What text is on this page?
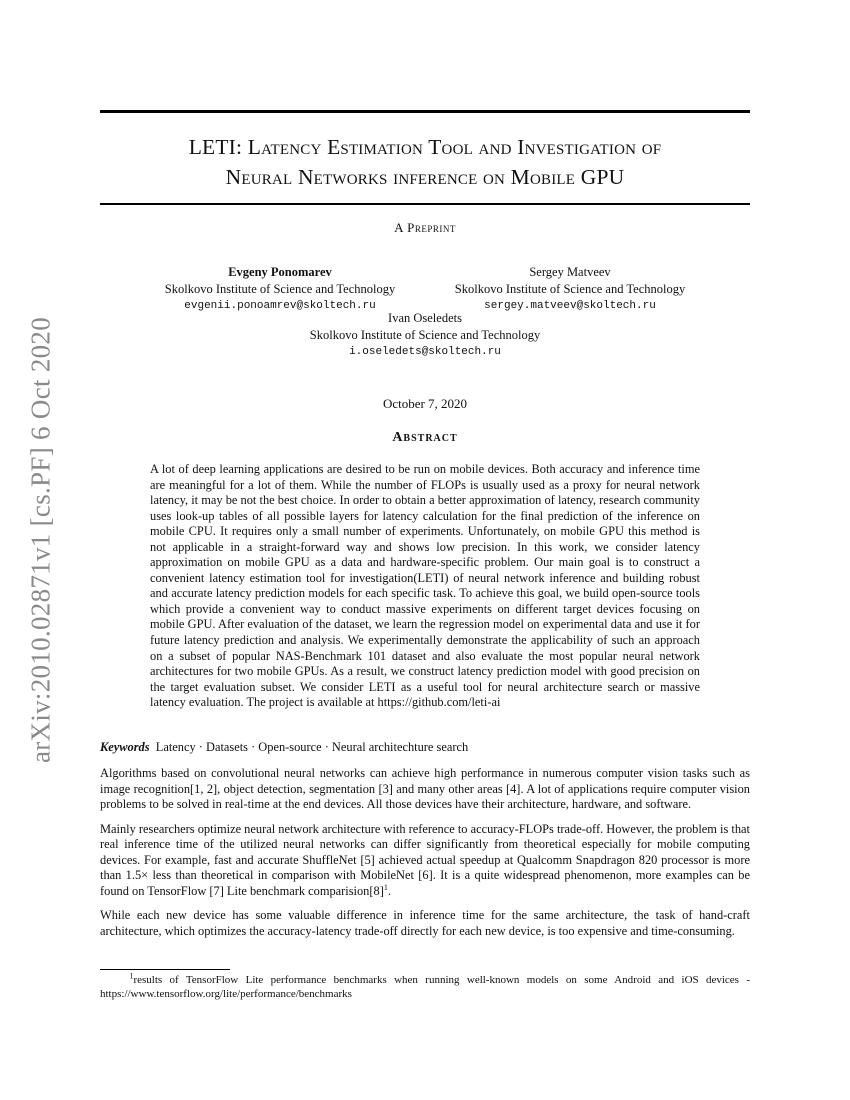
arXiv:2010.02871v1 [cs.PF] 6 Oct 2020
LETI: Latency Estimation Tool and Investigation of
Neural Networks inference on Mobile GPU
A Preprint
Evgeny Ponomarev
Skolkovo Institute of Science and Technology
evgenii.ponoamrev@skoltech.ru
Sergey Matveev
Skolkovo Institute of Science and Technology
sergey.matveev@skoltech.ru
Ivan Oseledets
Skolkovo Institute of Science and Technology
i.oseledets@skoltech.ru
October 7, 2020
Abstract

A lot of deep learning applications are desired to be run on mobile devices. Both accuracy and inference time are meaningful for a lot of them. While the number of FLOPs is usually used as a proxy for neural network latency, it may be not the best choice. In order to obtain a better approximation of latency, research community uses look-up tables of all possible layers for latency calculation for the final prediction of the inference on mobile CPU. It requires only a small number of experiments. Unfortunately, on mobile GPU this method is not applicable in a straight-forward way and shows low precision. In this work, we consider latency approximation on mobile GPU as a data and hardware-specific problem. Our main goal is to construct a convenient latency estimation tool for investigation(LETI) of neural network inference and building robust and accurate latency prediction models for each specific task. To achieve this goal, we build open-source tools which provide a convenient way to conduct massive experiments on different target devices focusing on mobile GPU. After evaluation of the dataset, we learn the regression model on experimental data and use it for future latency prediction and analysis. We experimentally demonstrate the applicability of such an approach on a subset of popular NAS-Benchmark 101 dataset and also evaluate the most popular neural network architectures for two mobile GPUs. As a result, we construct latency prediction model with good precision on the target evaluation subset. We consider LETI as a useful tool for neural architecture search or massive latency evaluation. The project is available at https://github.com/leti-ai

Keywords Latency · Datasets · Open-source · Neural architechture search

Algorithms based on convolutional neural networks can achieve high performance in numerous computer vision tasks such as image recognition[1, 2], object detection, segmentation [3] and many other areas [4]. A lot of applications require computer vision problems to be solved in real-time at the end devices. All those devices have their architecture, hardware, and software.

Mainly researchers optimize neural network architecture with reference to accuracy-FLOPs trade-off. However, the problem is that real inference time of the utilized neural networks can differ significantly from theoretical especially for mobile computing devices. For example, fast and accurate ShuffleNet [5] achieved actual speedup at Qualcomm Snapdragon 820 processor is more than 1.5× less than theoretical in comparison with MobileNet [6]. It is a quite widespread phenomenon, more examples can be found on TensorFlow [7] Lite benchmark $comparision[8]^1$.

While each new device has some valuable difference in inference time for the same architecture, the task of hand-craft architecture, which optimizes the accuracy-latency trade-off directly for each new device, is too expensive and time-consuming.

$^1$results of TensorFlow Lite performance benchmarks when running well-known models on some Android and iOS devices - https://www.tensorflow.org/lite/performance/benchmarks
